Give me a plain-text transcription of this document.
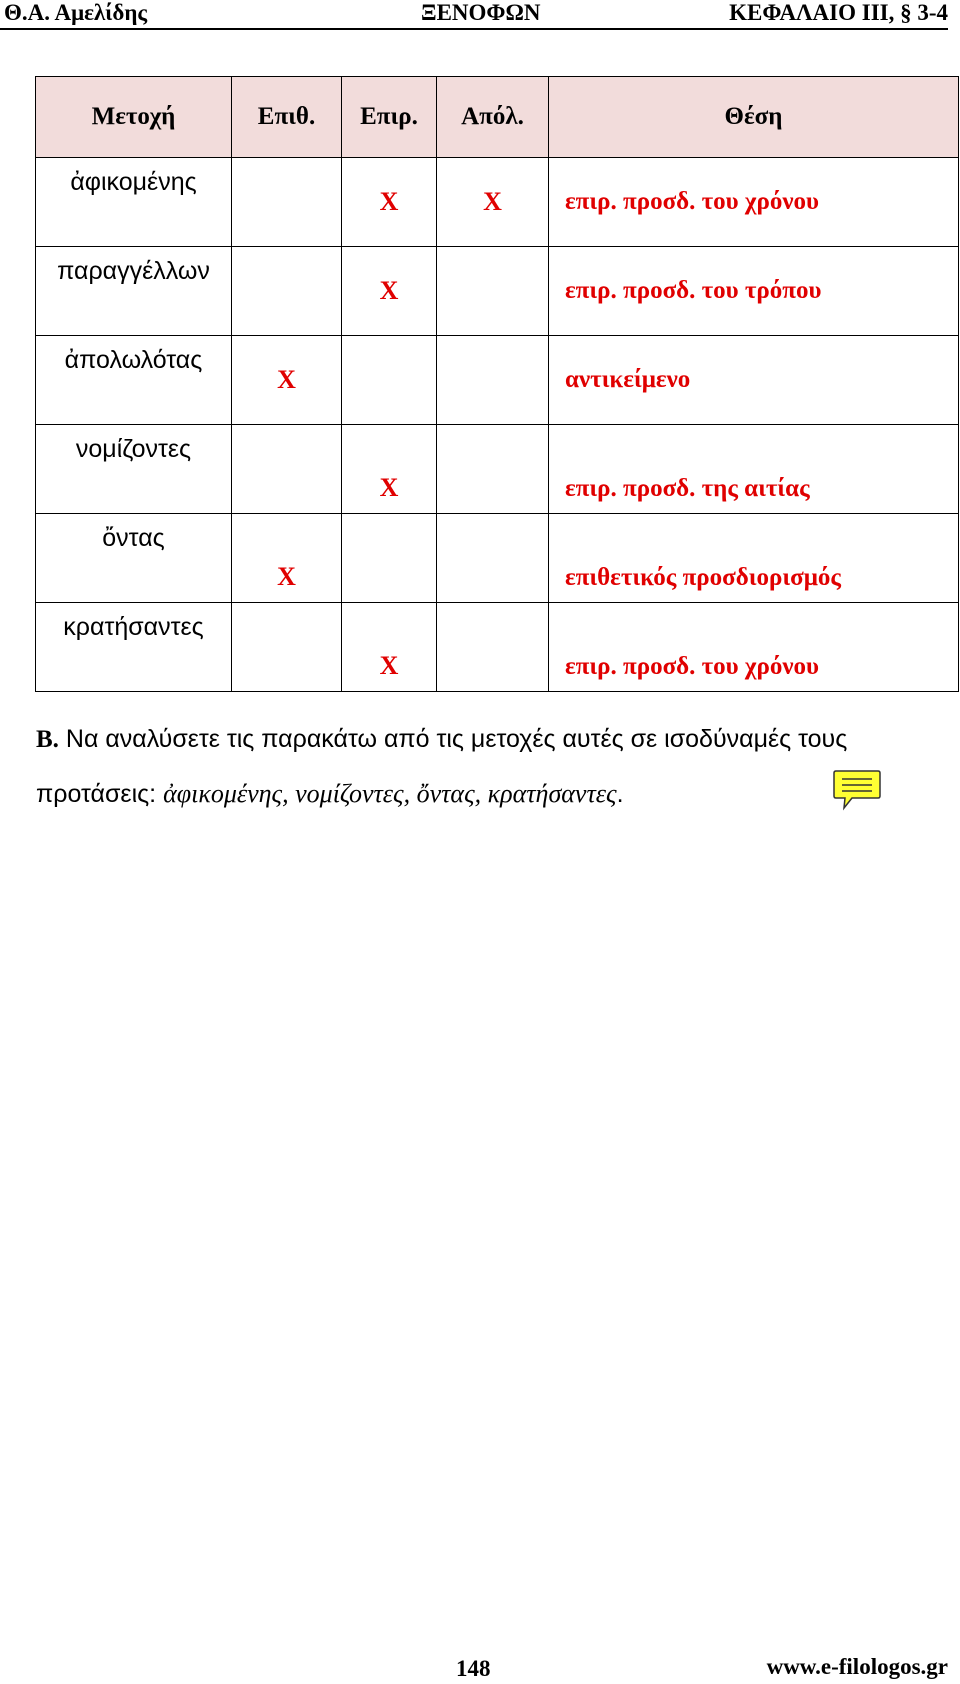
Θ.Α. Αμελίδης	ΞΕΝΟΦΩΝ	ΚΕΦΑΛΑΙΟ III, § 3-4
Μετοχή	Επιθ.	Επιρ.	Απόλ.	Θέση
ἀφικομένης		X	X	επιρ. προσδ. του χρόνου
παραγγέλλων		X		επιρ. προσδ. του τρόπου
ἀπολωλότας	X			αντικείμενο
νομίζοντες		X		επιρ. προσδ. της αιτίας
ὄντας	X			επιθετικός προσδιορισμός
κρατήσαντες		X		επιρ. προσδ. του χρόνου
Β. Να αναλύσετε τις παρακάτω από τις μετοχές αυτές σε ισοδύναμές τους προτάσεις: ἀφικομένης, νομίζοντες, ὄντας, κρατήσαντες.
148	www.e-filologos.gr
